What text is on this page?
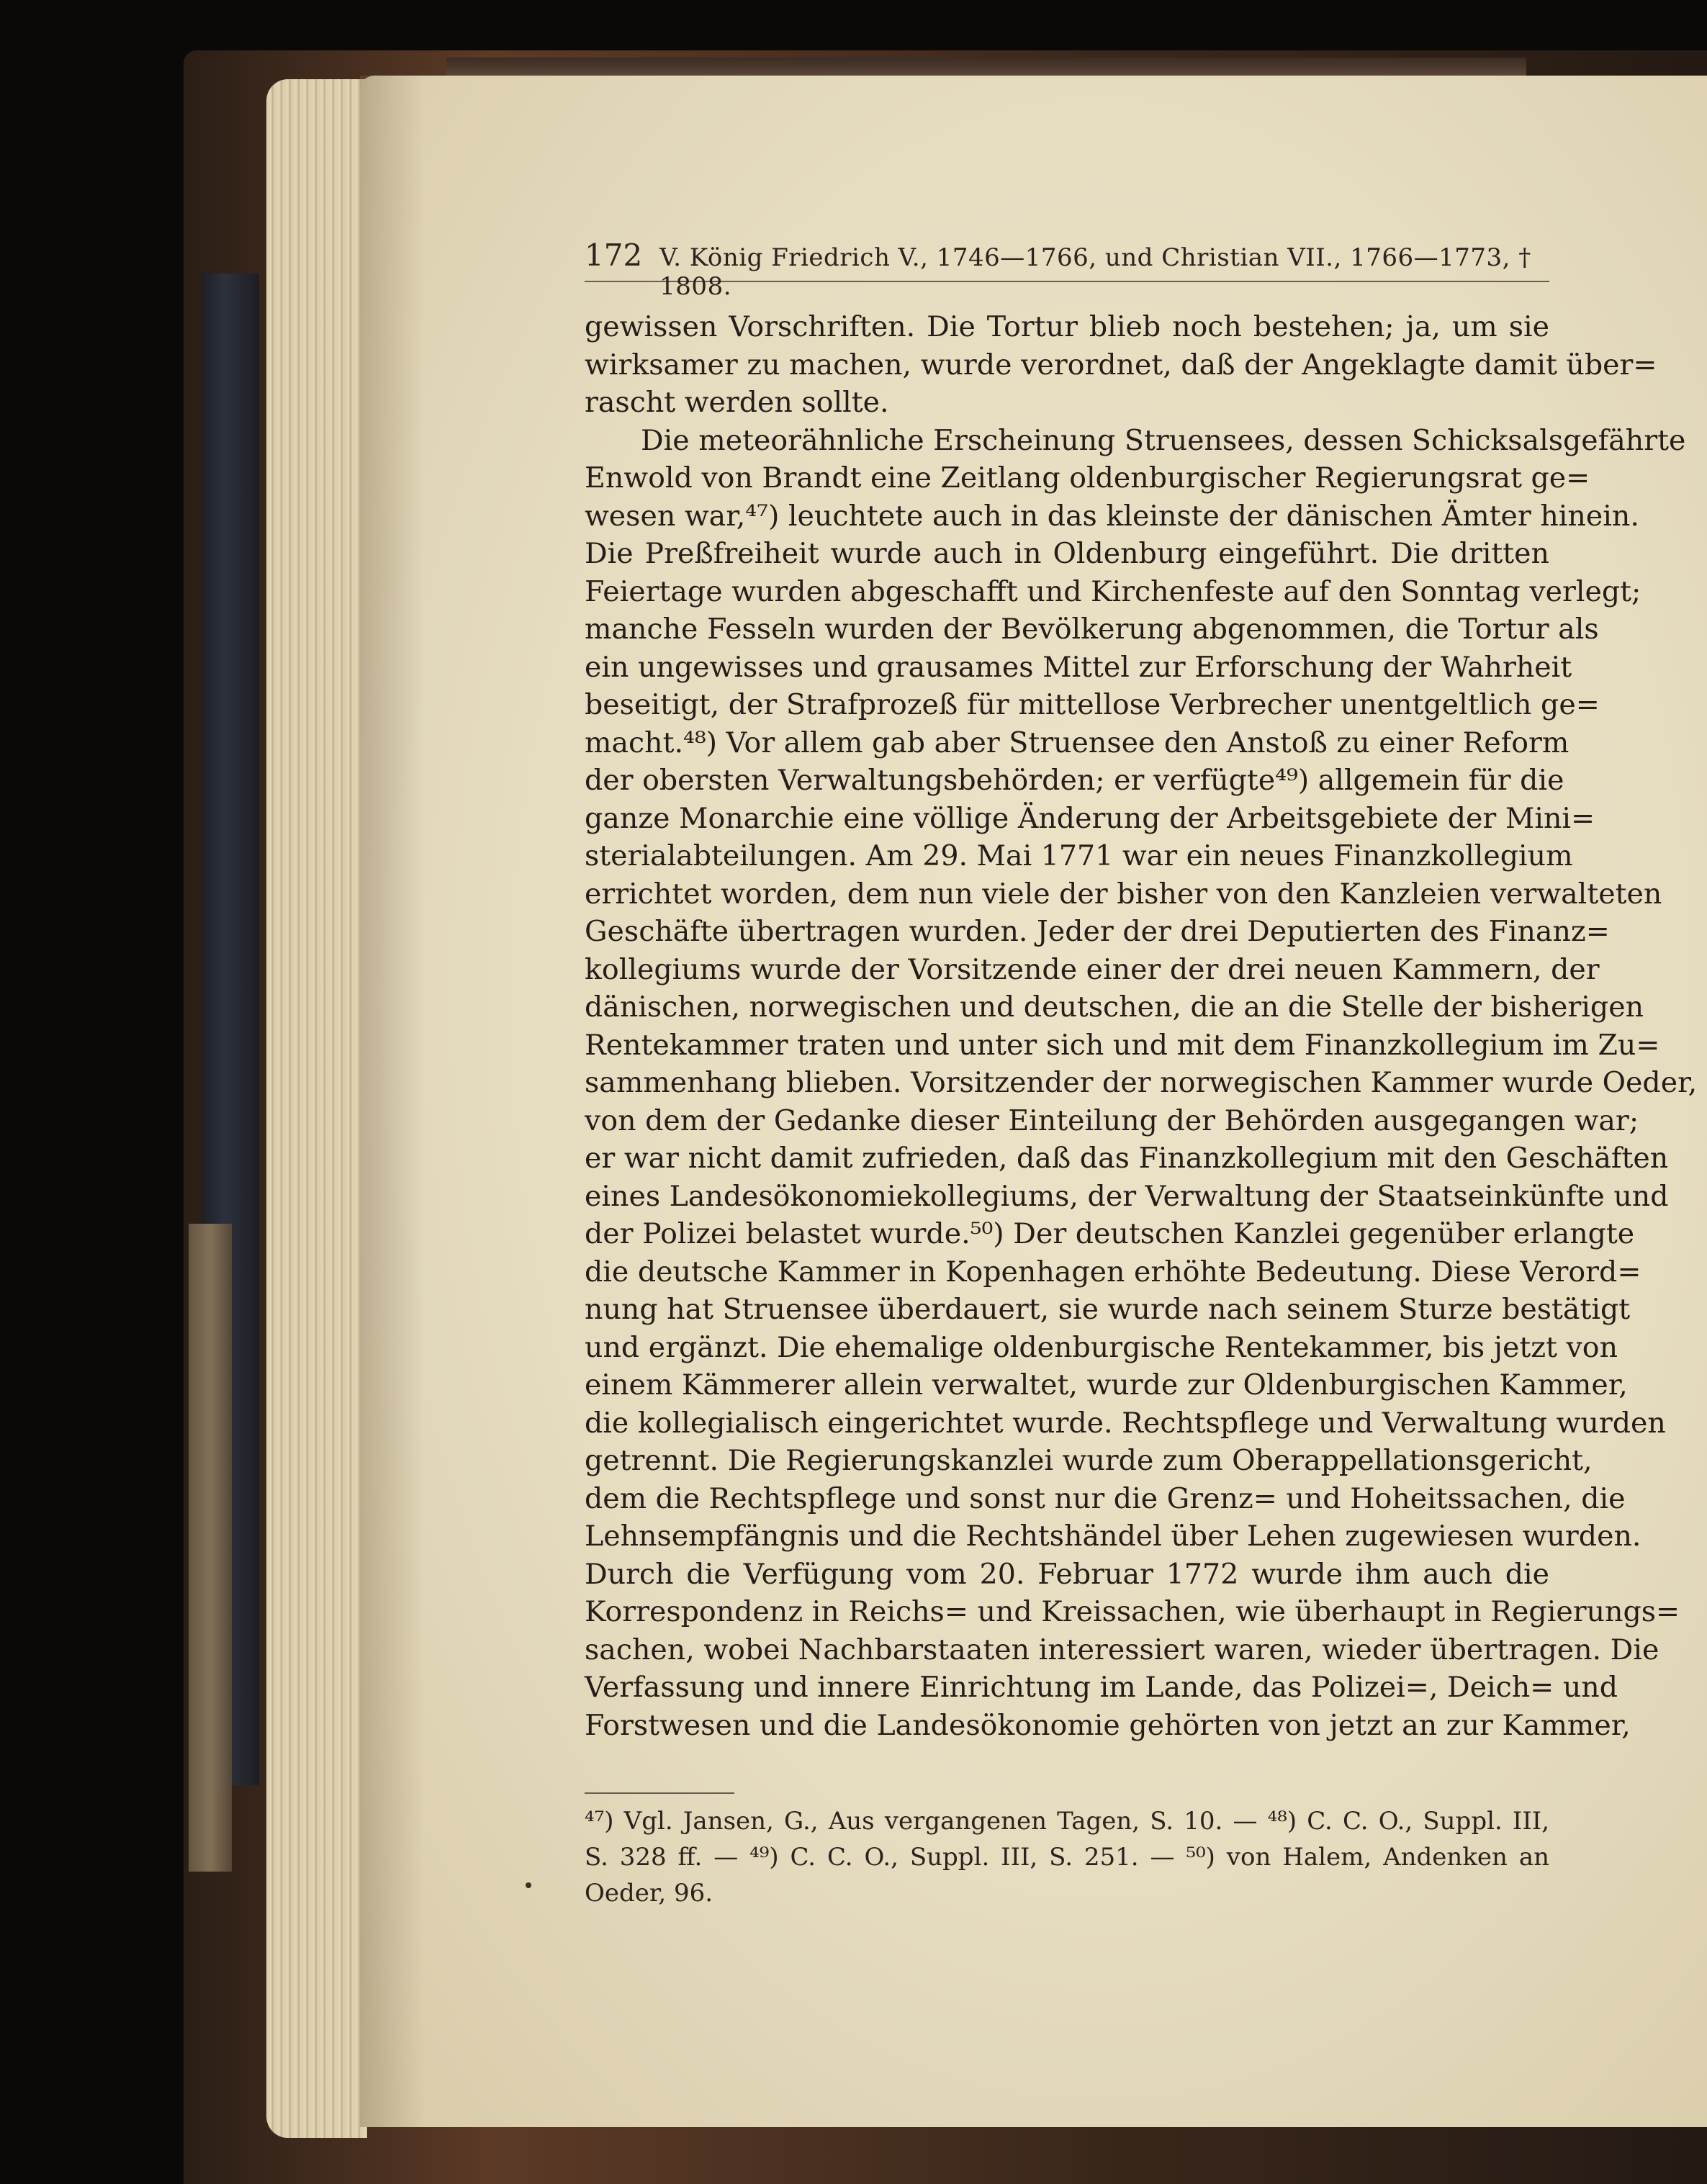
172 V. König Friedrich V., 1746—1766, und Christian VII., 1766—1773, † 1808.
gewissen Vorschriften. Die Tortur blieb noch bestehen; ja, um sie
wirksamer zu machen, wurde verordnet, daß der Angeklagte damit über=
rascht werden sollte.
Die meteorähnliche Erscheinung Struensees, dessen Schicksalsgefährte
Enwold von Brandt eine Zeitlang oldenburgischer Regierungsrat ge=
wesen war,⁴⁷) leuchtete auch in das kleinste der dänischen Ämter hinein.
Die Preßfreiheit wurde auch in Oldenburg eingeführt. Die dritten
Feiertage wurden abgeschafft und Kirchenfeste auf den Sonntag verlegt;
manche Fesseln wurden der Bevölkerung abgenommen, die Tortur als
ein ungewisses und grausames Mittel zur Erforschung der Wahrheit
beseitigt, der Strafprozeß für mittellose Verbrecher unentgeltlich ge=
macht.⁴⁸) Vor allem gab aber Struensee den Anstoß zu einer Reform
der obersten Verwaltungsbehörden; er verfügte⁴⁹) allgemein für die
ganze Monarchie eine völlige Änderung der Arbeitsgebiete der Mini=
sterialabteilungen. Am 29. Mai 1771 war ein neues Finanzkollegium
errichtet worden, dem nun viele der bisher von den Kanzleien verwalteten
Geschäfte übertragen wurden. Jeder der drei Deputierten des Finanz=
kollegiums wurde der Vorsitzende einer der drei neuen Kammern, der
dänischen, norwegischen und deutschen, die an die Stelle der bisherigen
Rentekammer traten und unter sich und mit dem Finanzkollegium im Zu=
sammenhang blieben. Vorsitzender der norwegischen Kammer wurde Oeder,
von dem der Gedanke dieser Einteilung der Behörden ausgegangen war;
er war nicht damit zufrieden, daß das Finanzkollegium mit den Geschäften
eines Landesökonomiekollegiums, der Verwaltung der Staatseinkünfte und
der Polizei belastet wurde.⁵⁰) Der deutschen Kanzlei gegenüber erlangte
die deutsche Kammer in Kopenhagen erhöhte Bedeutung. Diese Verord=
nung hat Struensee überdauert, sie wurde nach seinem Sturze bestätigt
und ergänzt. Die ehemalige oldenburgische Rentekammer, bis jetzt von
einem Kämmerer allein verwaltet, wurde zur Oldenburgischen Kammer,
die kollegialisch eingerichtet wurde. Rechtspflege und Verwaltung wurden
getrennt. Die Regierungskanzlei wurde zum Oberappellationsgericht,
dem die Rechtspflege und sonst nur die Grenz= und Hoheitssachen, die
Lehnsempfängnis und die Rechtshändel über Lehen zugewiesen wurden.
Durch die Verfügung vom 20. Februar 1772 wurde ihm auch die
Korrespondenz in Reichs= und Kreissachen, wie überhaupt in Regierungs=
sachen, wobei Nachbarstaaten interessiert waren, wieder übertragen. Die
Verfassung und innere Einrichtung im Lande, das Polizei=, Deich= und
Forstwesen und die Landesökonomie gehörten von jetzt an zur Kammer,
⁴⁷) Vgl. Jansen, G., Aus vergangenen Tagen, S. 10. — ⁴⁸) C. C. O., Suppl. III,
S. 328 ff. — ⁴⁹) C. C. O., Suppl. III, S. 251. — ⁵⁰) von Halem, Andenken an
Oeder, 96.
